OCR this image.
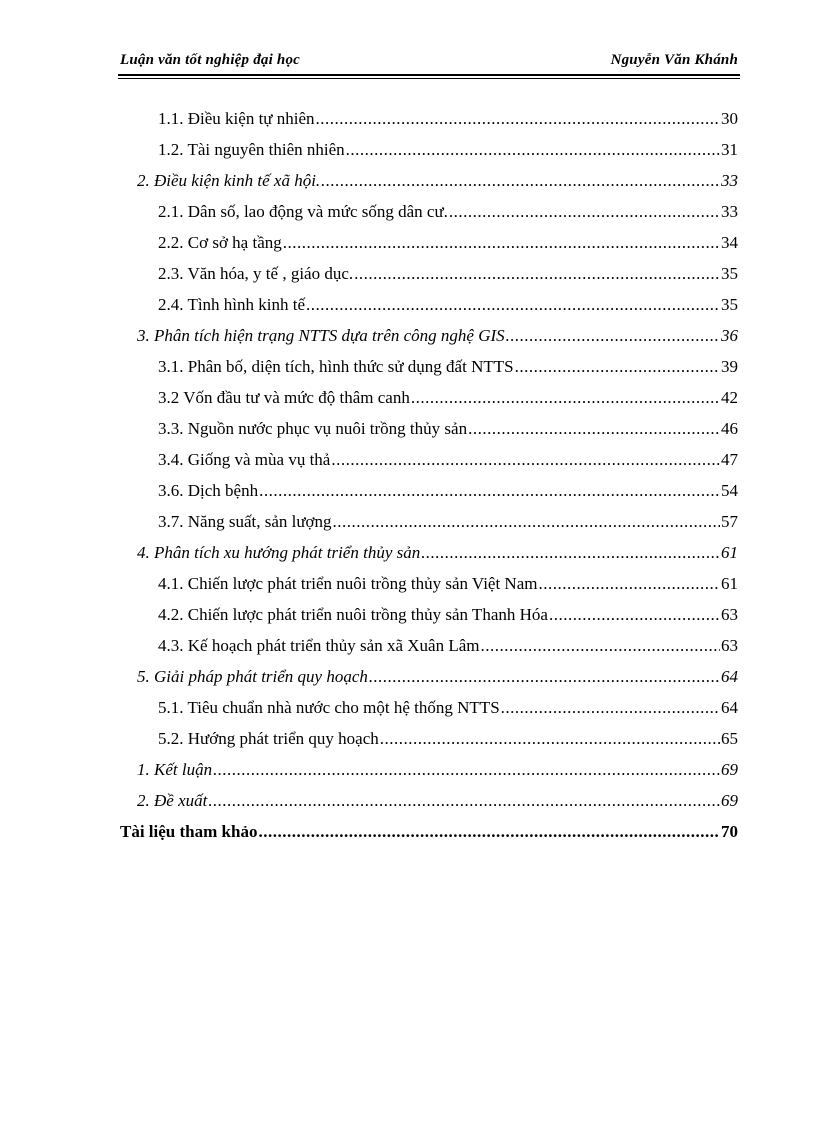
Luận văn tốt nghiệp đại học	Nguyễn Văn Khánh
1.1. Điều kiện tự nhiên .....	30
1.2. Tài nguyên thiên nhiên .....	31
2. Điều kiện kinh tế xã hội. .....	33
2.1. Dân số, lao động và mức sống dân cư. .....	33
2.2. Cơ sở hạ tầng .....	34
2.3. Văn hóa, y tế , giáo dục. .....	35
2.4. Tình hình kinh tế .....	35
3. Phân tích hiện trạng NTTS dựa trên công nghệ GIS .....	36
3.1. Phân bố, diện tích, hình thức sử dụng đất NTTS .....	39
3.2 Vốn đầu tư và mức độ thâm canh .....	42
3.3. Nguồn nước phục vụ nuôi trồng thủy sản .....	46
3.4. Giống và mùa vụ thả .....	47
3.6. Dịch bệnh .....	54
3.7. Năng suất, sản lượng .....	57
4. Phân tích xu hướng phát triển thủy sản .....	61
4.1. Chiến lược phát triển nuôi trồng thủy sản Việt Nam .....	61
4.2. Chiến lược phát triển nuôi trồng thủy sản Thanh Hóa .....	63
4.3. Kế hoạch phát triển thủy sản xã Xuân Lâm .....	63
5. Giải pháp phát triển quy hoạch .....	64
5.1. Tiêu chuẩn nhà nước cho một hệ thống NTTS .....	64
5.2. Hướng phát triển quy hoạch .....	65
1. Kết luận .....	69
2. Đề xuất .....	69
Tài liệu tham khảo .....	70
